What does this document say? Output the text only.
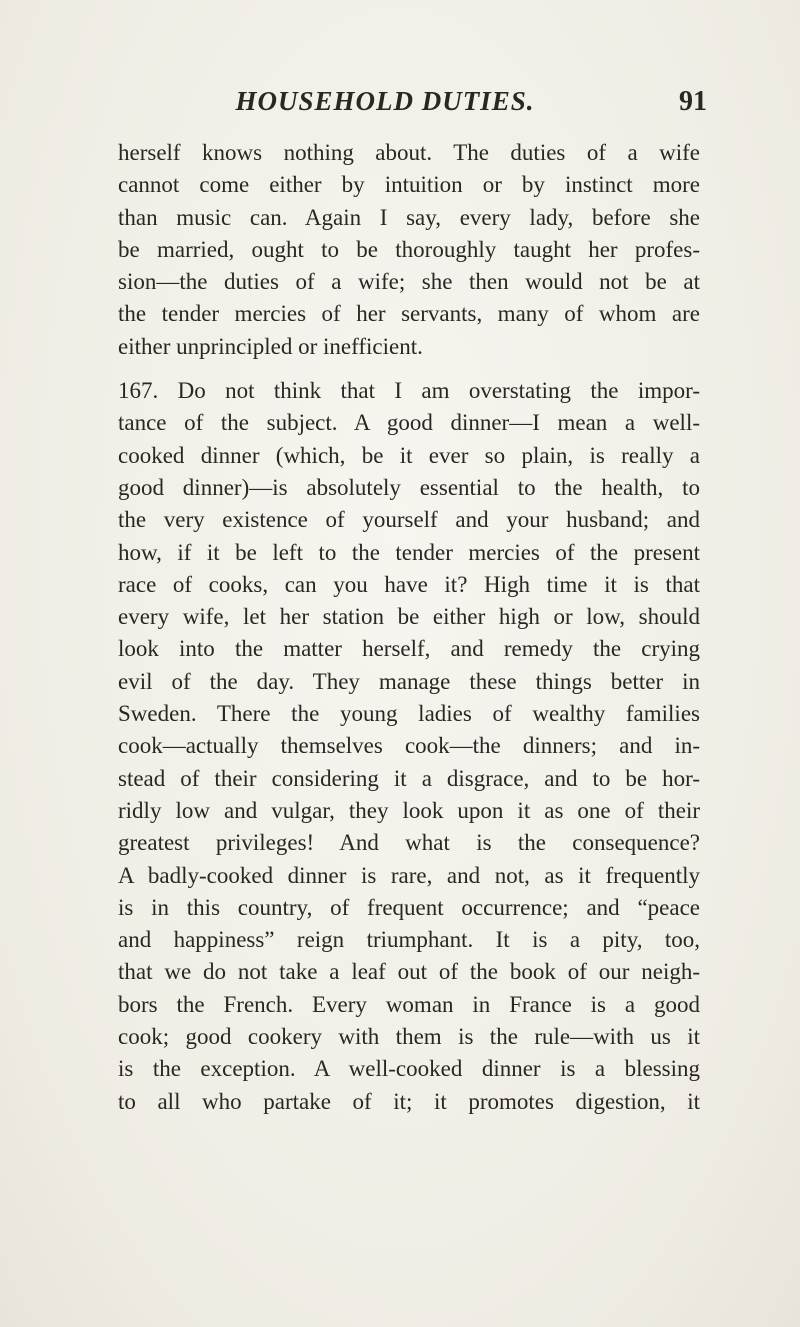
HOUSEHOLD DUTIES.	91
herself knows nothing about. The duties of a wife
cannot come either by intuition or by instinct more
than music can. Again I say, every lady, before she
be married, ought to be thoroughly taught her profes-
sion—the duties of a wife; she then would not be at
the tender mercies of her servants, many of whom are
either unprincipled or inefficient.
167. Do not think that I am overstating the impor-
tance of the subject. A good dinner—I mean a well-
cooked dinner (which, be it ever so plain, is really a
good dinner)—is absolutely essential to the health, to
the very existence of yourself and your husband; and
how, if it be left to the tender mercies of the present
race of cooks, can you have it? High time it is that
every wife, let her station be either high or low, should
look into the matter herself, and remedy the crying
evil of the day. They manage these things better in
Sweden. There the young ladies of wealthy families
cook—actually themselves cook—the dinners; and in-
stead of their considering it a disgrace, and to be hor-
ridly low and vulgar, they look upon it as one of their
greatest privileges! And what is the consequence?
A badly-cooked dinner is rare, and not, as it frequently
is in this country, of frequent occurrence; and “peace
and happiness” reign triumphant. It is a pity, too,
that we do not take a leaf out of the book of our neigh-
bors the French. Every woman in France is a good
cook; good cookery with them is the rule—with us it
is the exception. A well-cooked dinner is a blessing
to all who partake of it; it promotes digestion, it
